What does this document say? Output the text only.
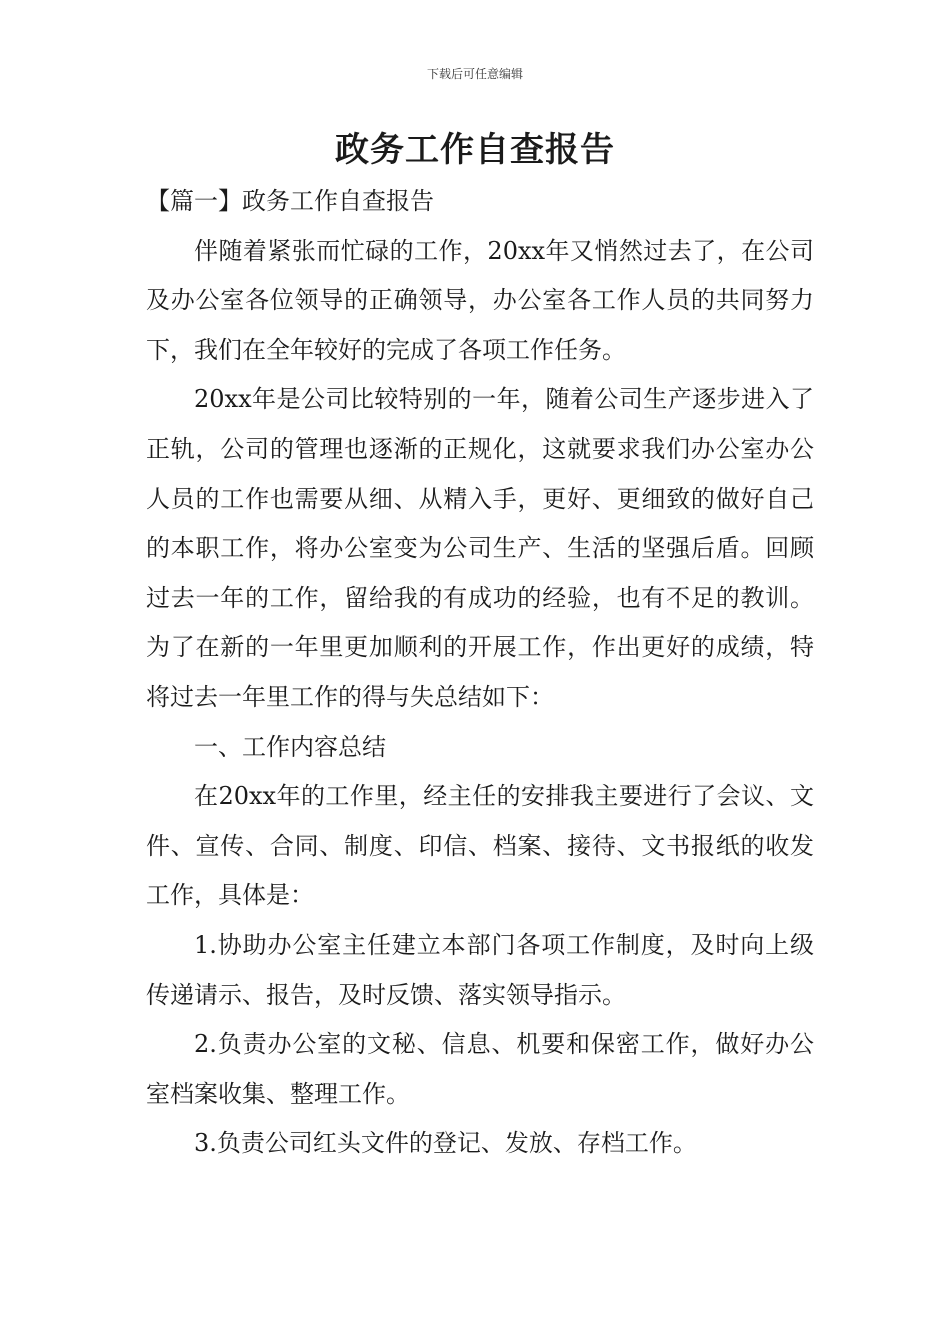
下载后可任意编辑
政务工作自查报告

【篇一】政务工作自查报告

伴随着紧张而忙碌的工作，20xx年又悄然过去了，在公司及办公室各位领导的正确领导，办公室各工作人员的共同努力下，我们在全年较好的完成了各项工作任务。

20xx年是公司比较特别的一年，随着公司生产逐步进入了正轨，公司的管理也逐渐的正规化，这就要求我们办公室办公人员的工作也需要从细、从精入手，更好、更细致的做好自己的本职工作，将办公室变为公司生产、生活的坚强后盾。回顾过去一年的工作，留给我的有成功的经验，也有不足的教训。为了在新的一年里更加顺利的开展工作，作出更好的成绩，特将过去一年里工作的得与失总结如下：

一、工作内容总结

在20xx年的工作里，经主任的安排我主要进行了会议、文件、宣传、合同、制度、印信、档案、接待、文书报纸的收发工作，具体是：

1.协助办公室主任建立本部门各项工作制度，及时向上级传递请示、报告，及时反馈、落实领导指示。

2.负责办公室的文秘、信息、机要和保密工作，做好办公室档案收集、整理工作。

3.负责公司红头文件的登记、发放、存档工作。
